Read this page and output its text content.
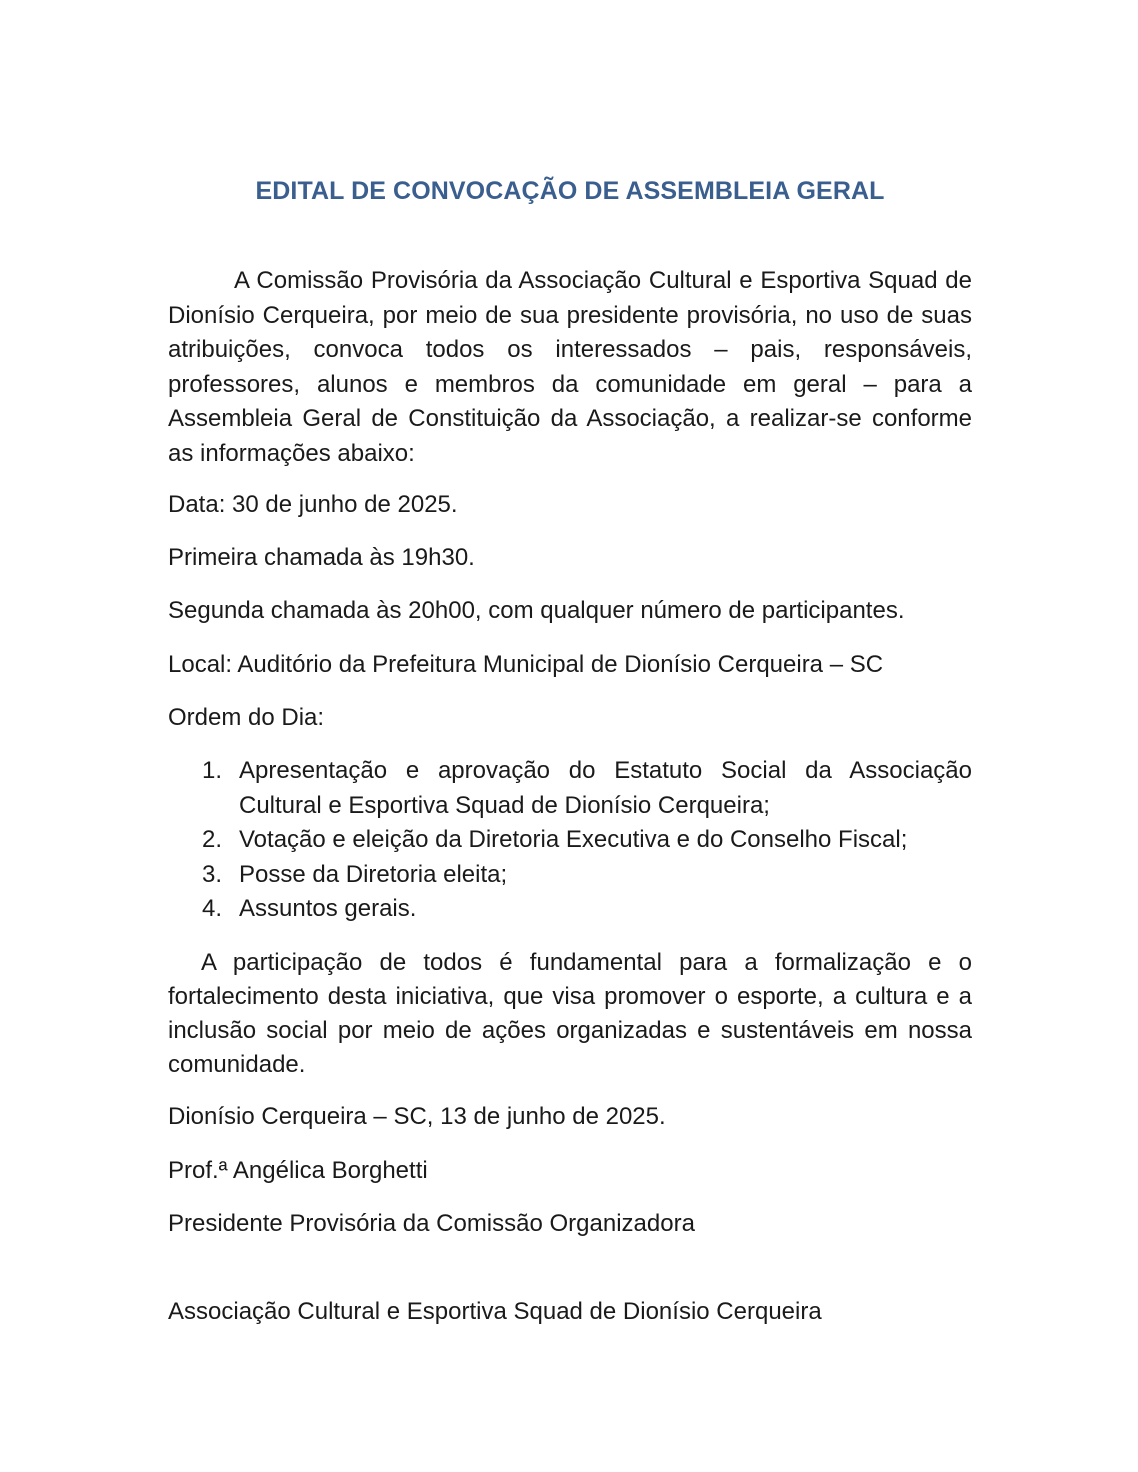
EDITAL DE CONVOCAÇÃO DE ASSEMBLEIA GERAL

A Comissão Provisória da Associação Cultural e Esportiva Squad de Dionísio Cerqueira, por meio de sua presidente provisória, no uso de suas atribuições, convoca todos os interessados – pais, responsáveis, professores, alunos e membros da comunidade em geral – para a Assembleia Geral de Constituição da Associação, a realizar-se conforme as informações abaixo:

Data: 30 de junho de 2025.

Primeira chamada às 19h30.

Segunda chamada às 20h00, com qualquer número de participantes.

Local: Auditório da Prefeitura Municipal de Dionísio Cerqueira – SC

Ordem do Dia:

1. Apresentação e aprovação do Estatuto Social da Associação Cultural e Esportiva Squad de Dionísio Cerqueira;
2. Votação e eleição da Diretoria Executiva e do Conselho Fiscal;
3. Posse da Diretoria eleita;
4. Assuntos gerais.

A participação de todos é fundamental para a formalização e o fortalecimento desta iniciativa, que visa promover o esporte, a cultura e a inclusão social por meio de ações organizadas e sustentáveis em nossa comunidade.

Dionísio Cerqueira – SC, 13 de junho de 2025.

Prof.ª Angélica Borghetti

Presidente Provisória da Comissão Organizadora

Associação Cultural e Esportiva Squad de Dionísio Cerqueira
